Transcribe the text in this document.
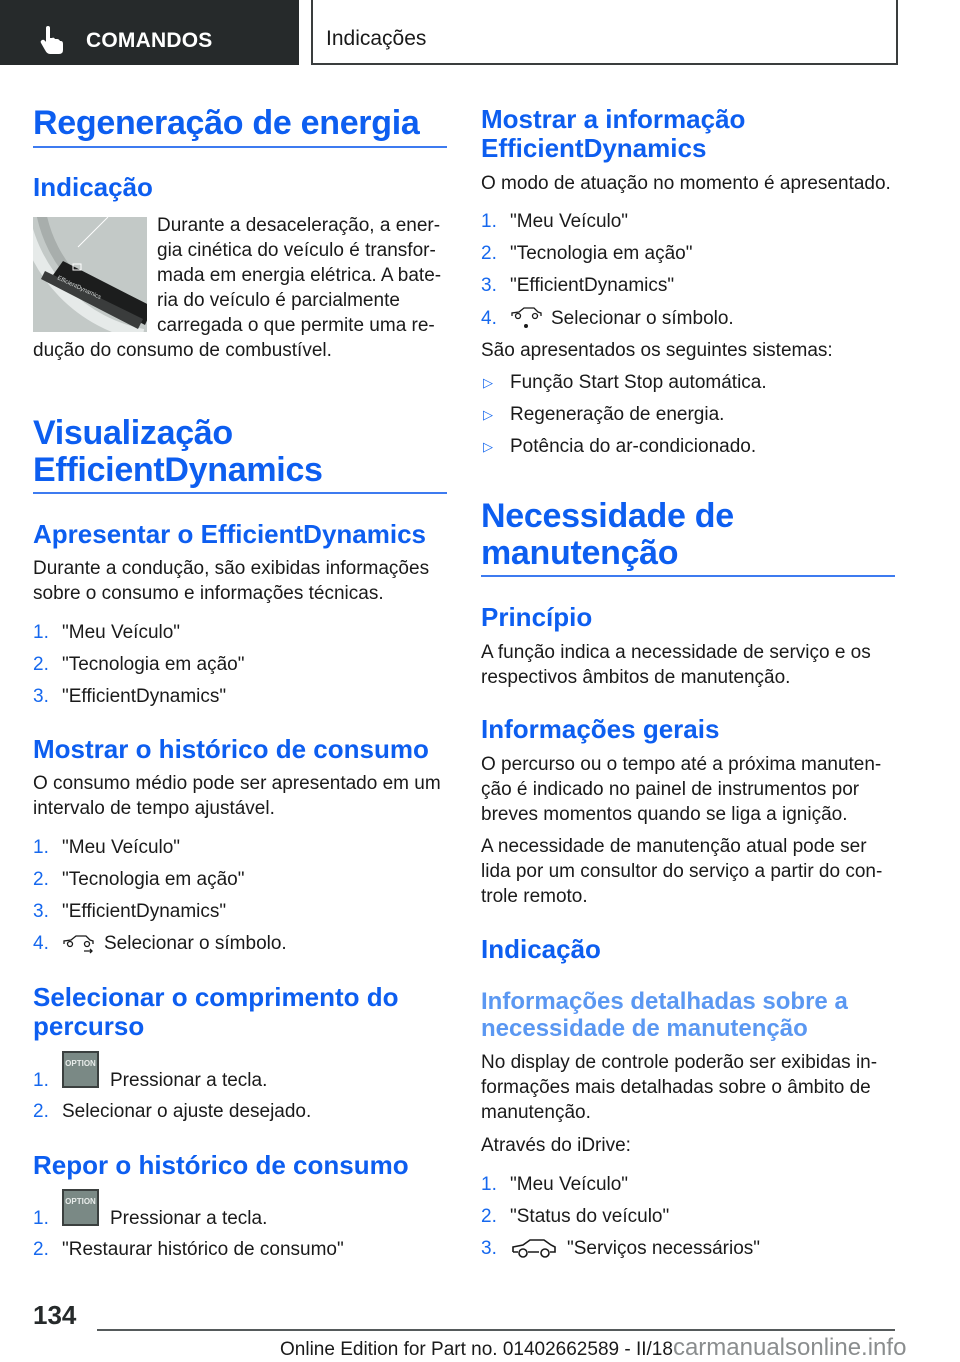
COMANDOS	Indicações
Regeneração de energia
Indicação
EfficientDynamics
Durante a desaceleração, a ener-
gia cinética do veículo é transfor-
mada em energia elétrica. A bate-
ria do veículo é parcialmente
carregada o que permite uma re-
dução do consumo de combustível.
Visualização
EfficientDynamics
Apresentar o EfficientDynamics
Durante a condução, são exibidas informações
sobre o consumo e informações técnicas.
1. "Meu Veículo"
2. "Tecnologia em ação"
3. "EfficientDynamics"
Mostrar o histórico de consumo
O consumo médio pode ser apresentado em um
intervalo de tempo ajustável.
1. "Meu Veículo"
2. "Tecnologia em ação"
3. "EfficientDynamics"
4.	Selecionar o símbolo.
Selecionar o comprimento do
percurso
1.
OPTION
Pressionar a tecla.
2. Selecionar o ajuste desejado.
Repor o histórico de consumo
1.
OPTION
Pressionar a tecla.
2. "Restaurar histórico de consumo"
Mostrar a informação
EfficientDynamics
O modo de atuação no momento é apresentado.
1. "Meu Veículo"
2. "Tecnologia em ação"
3. "EfficientDynamics"
4.	Selecionar o símbolo.
São apresentados os seguintes sistemas:
▷ Função Start Stop automática.
▷ Regeneração de energia.
▷ Potência do ar-condicionado.
Necessidade de
manutenção
Princípio
A função indica a necessidade de serviço e os
respectivos âmbitos de manutenção.
Informações gerais
O percurso ou o tempo até a próxima manuten-
ção é indicado no painel de instrumentos por
breves momentos quando se liga a ignição.
A necessidade de manutenção atual pode ser
lida por um consultor do serviço a partir do con-
trole remoto.
Indicação
Informações detalhadas sobre a
necessidade de manutenção
No display de controle poderão ser exibidas in-
formações mais detalhadas sobre o âmbito de
manutenção.
Através do iDrive:
1. "Meu Veículo"
2. "Status do veículo"
3.	"Serviços necessários"
134
Online Edition for Part no. 01402662589 - II/18carmanualsonline.info
